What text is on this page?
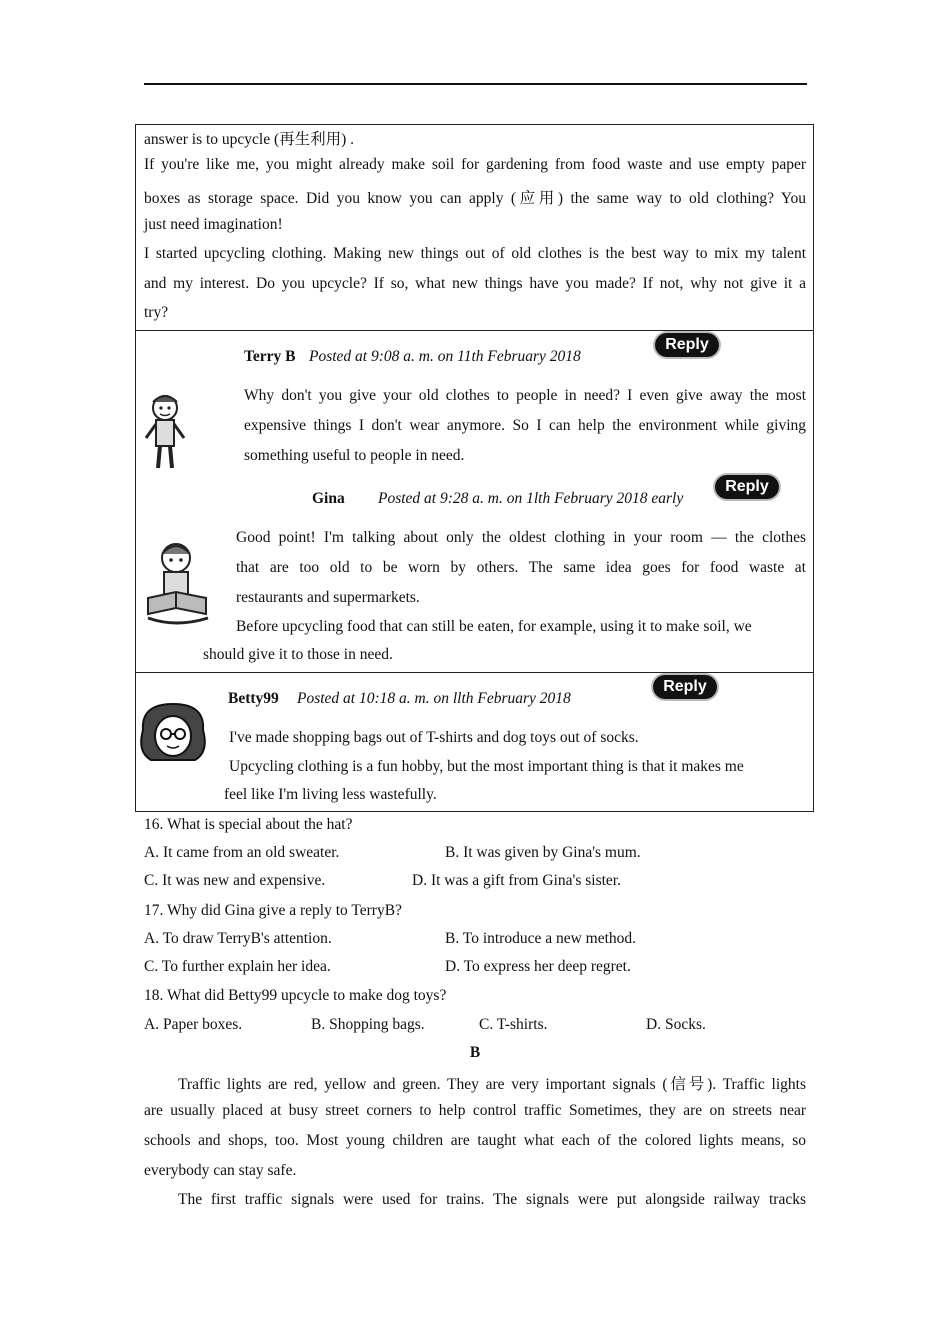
answer is to upcycle (再生利用) .
If you're like me, you might already make soil for gardening from food waste and use empty paper
boxes as storage space. Did you know you can apply (应用) the same way to old clothing? You
just need imagination!
I started upcycling clothing. Making new things out of old clothes is the best way to mix my talent
and my interest. Do you upcycle? If so, what new things have you made? If not, why not give it a
try?
Terry B Posted at 9:08 a. m. on 11th February 2018
Reply
Why don't you give your old clothes to people in need? I even give away the most
expensive things I don't wear anymore. So I can help the environment while giving
something useful to people in need.
Gina Posted at 9:28 a. m. on 1lth February 2018 early
Reply
Good point! I'm talking about only the oldest clothing in your room — the clothes
that are too old to be worn by others. The same idea goes for food waste at
restaurants and supermarkets.
Before upcycling food that can still be eaten, for example, using it to make soil, we
should give it to those in need.
Betty99 Posted at 10:18 a. m. on llth February 2018
Reply
I've made shopping bags out of T-shirts and dog toys out of socks.
Upcycling clothing is a fun hobby, but the most important thing is that it makes me
feel like I'm living less wastefully.
16. What is special about the hat?
A. It came from an old sweater.	B. It was given by Gina's mum.
C. It was new and expensive.	D. It was a gift from Gina's sister.
17. Why did Gina give a reply to TerryB?
A. To draw TerryB's attention.	B. To introduce a new method.
C. To further explain her idea.	D. To express her deep regret.
18. What did Betty99 upcycle to make dog toys?
A. Paper boxes.	B. Shopping bags.	C. T-shirts.	D. Socks.
B
Traffic lights are red, yellow and green. They are very important signals (信号). Traffic lights
are usually placed at busy street corners to help control traffic Sometimes, they are on streets near
schools and shops, too. Most young children are taught what each of the colored lights means, so
everybody can stay safe.
The first traffic signals were used for trains. The signals were put alongside railway tracks
